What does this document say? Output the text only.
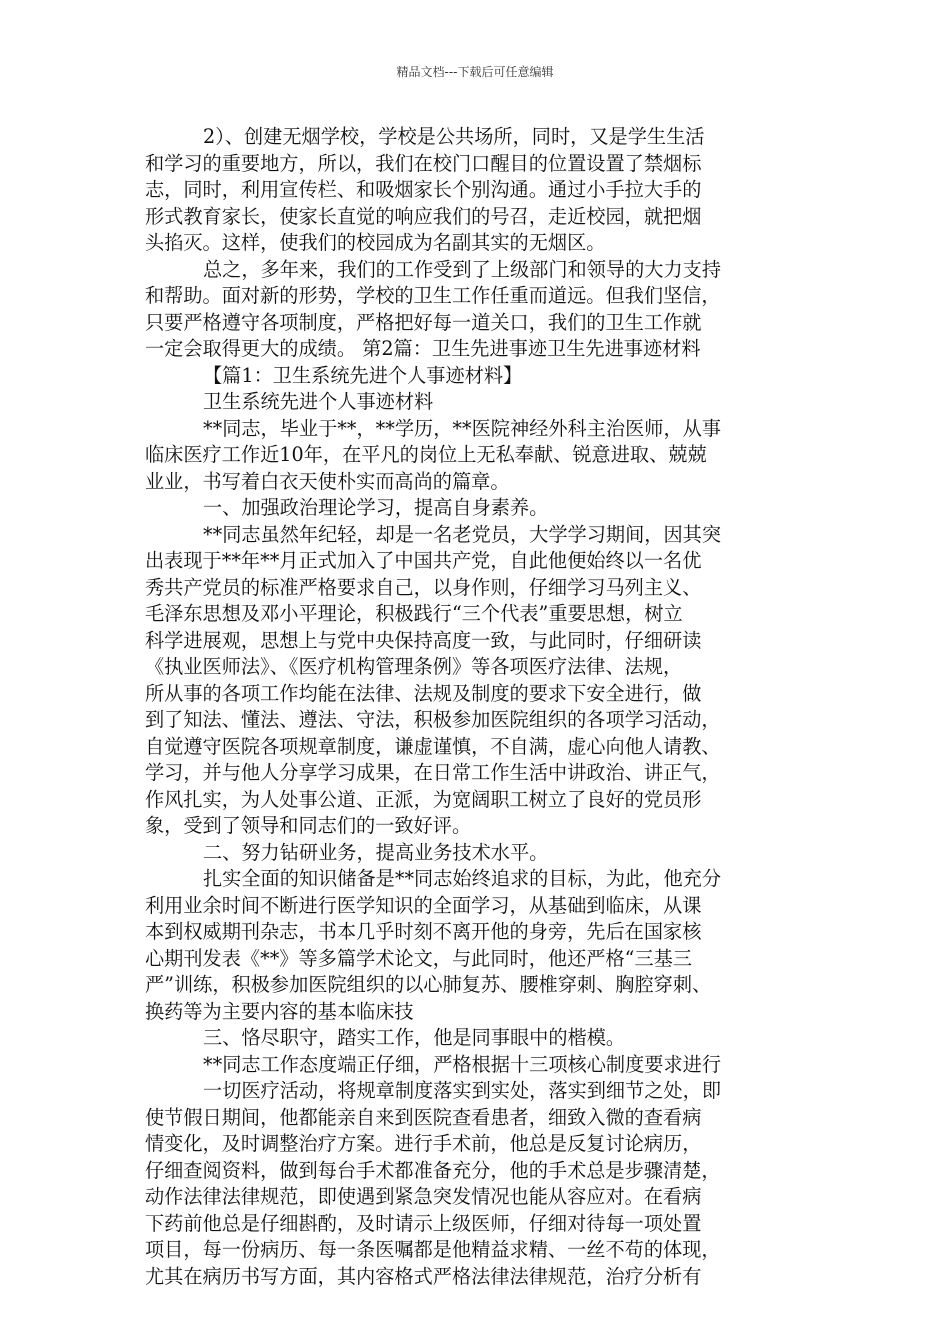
精品文档---下载后可任意编辑
2）、创建无烟学校，学校是公共场所，同时，又是学生生活
和学习的重要地方，所以，我们在校门口醒目的位置设置了禁烟标
志，同时，利用宣传栏、和吸烟家长个别沟通。通过小手拉大手的
形式教育家长，使家长直觉的响应我们的号召，走近校园，就把烟
头掐灭。这样，使我们的校园成为名副其实的无烟区。
总之，多年来，我们的工作受到了上级部门和领导的大力支持
和帮助。面对新的形势，学校的卫生工作任重而道远。但我们坚信，
只要严格遵守各项制度，严格把好每一道关口，我们的卫生工作就
一定会取得更大的成绩。 第2篇：卫生先进事迹卫生先进事迹材料
【篇1：卫生系统先进个人事迹材料】
卫生系统先进个人事迹材料
**同志，毕业于**，**学历，**医院神经外科主治医师，从事
临床医疗工作近10年，在平凡的岗位上无私奉献、锐意进取、兢兢
业业，书写着白衣天使朴实而高尚的篇章。
一、加强政治理论学习，提高自身素养。
**同志虽然年纪轻，却是一名老党员，大学学习期间，因其突
出表现于**年**月正式加入了中国共产党，自此他便始终以一名优
秀共产党员的标准严格要求自己，以身作则，仔细学习马列主义、
毛泽东思想及邓小平理论，积极践行“三个代表”重要思想，树立
科学进展观，思想上与党中央保持高度一致，与此同时，仔细研读
《执业医师法》、《医疗机构管理条例》等各项医疗法律、法规，
所从事的各项工作均能在法律、法规及制度的要求下安全进行，做
到了知法、懂法、遵法、守法，积极参加医院组织的各项学习活动，
自觉遵守医院各项规章制度，谦虚谨慎，不自满，虚心向他人请教、
学习，并与他人分享学习成果，在日常工作生活中讲政治、讲正气，
作风扎实，为人处事公道、正派，为宽阔职工树立了良好的党员形
象，受到了领导和同志们的一致好评。
二、努力钻研业务，提高业务技术水平。
扎实全面的知识储备是**同志始终追求的目标，为此，他充分
利用业余时间不断进行医学知识的全面学习，从基础到临床，从课
本到权威期刊杂志，书本几乎时刻不离开他的身旁，先后在国家核
心期刊发表《**》等多篇学术论文，与此同时，他还严格“三基三
严”训练，积极参加医院组织的以心肺复苏、腰椎穿刺、胸腔穿刺、
换药等为主要内容的基本临床技
三、恪尽职守，踏实工作，他是同事眼中的楷模。
**同志工作态度端正仔细，严格根据十三项核心制度要求进行
一切医疗活动，将规章制度落实到实处，落实到细节之处，即
使节假日期间，他都能亲自来到医院查看患者，细致入微的查看病
情变化，及时调整治疗方案。进行手术前，他总是反复讨论病历，
仔细查阅资料，做到每台手术都准备充分，他的手术总是步骤清楚，
动作法律法律规范，即使遇到紧急突发情况也能从容应对。在看病
下药前他总是仔细斟酌，及时请示上级医师，仔细对待每一项处置
项目，每一份病历、每一条医嘱都是他精益求精、一丝不苟的体现，
尤其在病历书写方面，其内容格式严格法律法律规范，治疗分析有
